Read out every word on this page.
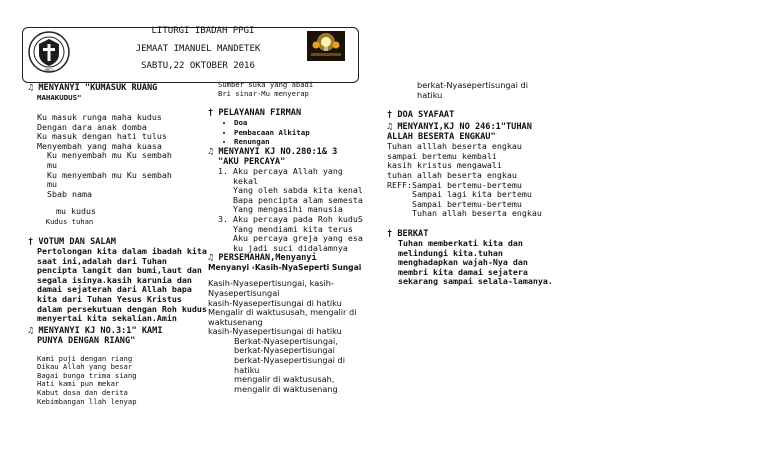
PPGI
LITURGI IBADAH PPGI
JEMAAT IMANUEL MANDETEK
SABTU,22 OKTOBER 2016
♫ MENYANYI "KUMASUK RUANG
MAHAKUDUS"
Ku masuk runga maha kudus
Dengan dara anak domba
Ku masuk dengan hati tulus
Menyembah yang maha kuasa
Ku menyembah mu Ku sembah
mu
Ku menyembah mu Ku sembah
mu
Sbab nama
mu kudus
Kudus tuhan
† VOTUM DAN SALAM
Pertolongan kita dalam ibadah kita saat ini,adalah dari Tuhan pencipta langit dan bumi,laut dan segala isinya.kasih karunia dan damai sejaterah dari Allah bapa kita dari Tuhan Yesus Kristus dalam persekutuan dengan Roh kudus menyertai kita sekalian.Amin
♫ MENYANYI KJ NO.3:1" KAMI
PUNYA DENGAN RIANG"
Kami puji dengan riang
Dikau Allah yang besar
Bagai bunga trima siang
Hati kami pun mekar
Kabut dosa dan derita
Kebimbangan llah lenyap
Sumber suka yang abadi
Bri sinar-Mu menyerap
† PELAYANAN FIRMAN
• Doa
• Pembacaan Alkitap
• Renungan
♫ MENYANYI KJ NO.280:1& 3
"AKU PERCAYA"
1. Aku percaya Allah yang
kekal
Yang oleh sabda kita kenal
Bapa pencipta alam semesta
Yang mengasihi manusia
3. Aku percaya pada Roh kuduS
Yang mendiami kita terus
Aku percaya greja yang esa
ku jadi suci didalamnya
♫ PERSEMAHAN,Menyanyi
Menyanyi ‹Kasih-NyaSeperti Sungai
Kasih-Nyasepertisungai, kasih-
Nyasepertisungai
kasih-Nyasepertisungai di hatiku
Mengalir di waktususah, mengalir di
waktusenang
kasih-Nyasepertisungai di hatiku
Berkat-Nyasepertisungai,
berkat-Nyasepertisungai
berkat-Nyasepertisungai di
hatiku
mengalir di waktususah,
mengalir di waktusenang
berkat-Nyasepertisungai di
hatiku
† DOA SYAFAAT
♫ MENYANYI,KJ NO 246:1"TUHAN
ALLAH BESERTA ENGKAU"
Tuhan alllah beserta engkau
sampai bertemu kembali
kasih kristus mengawali
tuhan allah beserta engkau
REFF:Sampai bertemu-bertemu
Sampai lagi kita bertemu
Sampai bertemu-bertemu
Tuhan allah beserta engkau
† BERKAT
Tuhan memberkati kita dan melindungi kita.tuhan menghadapkan wajah-Nya dan membri kita damai sejatera sekarang sampai selala-lamanya.
